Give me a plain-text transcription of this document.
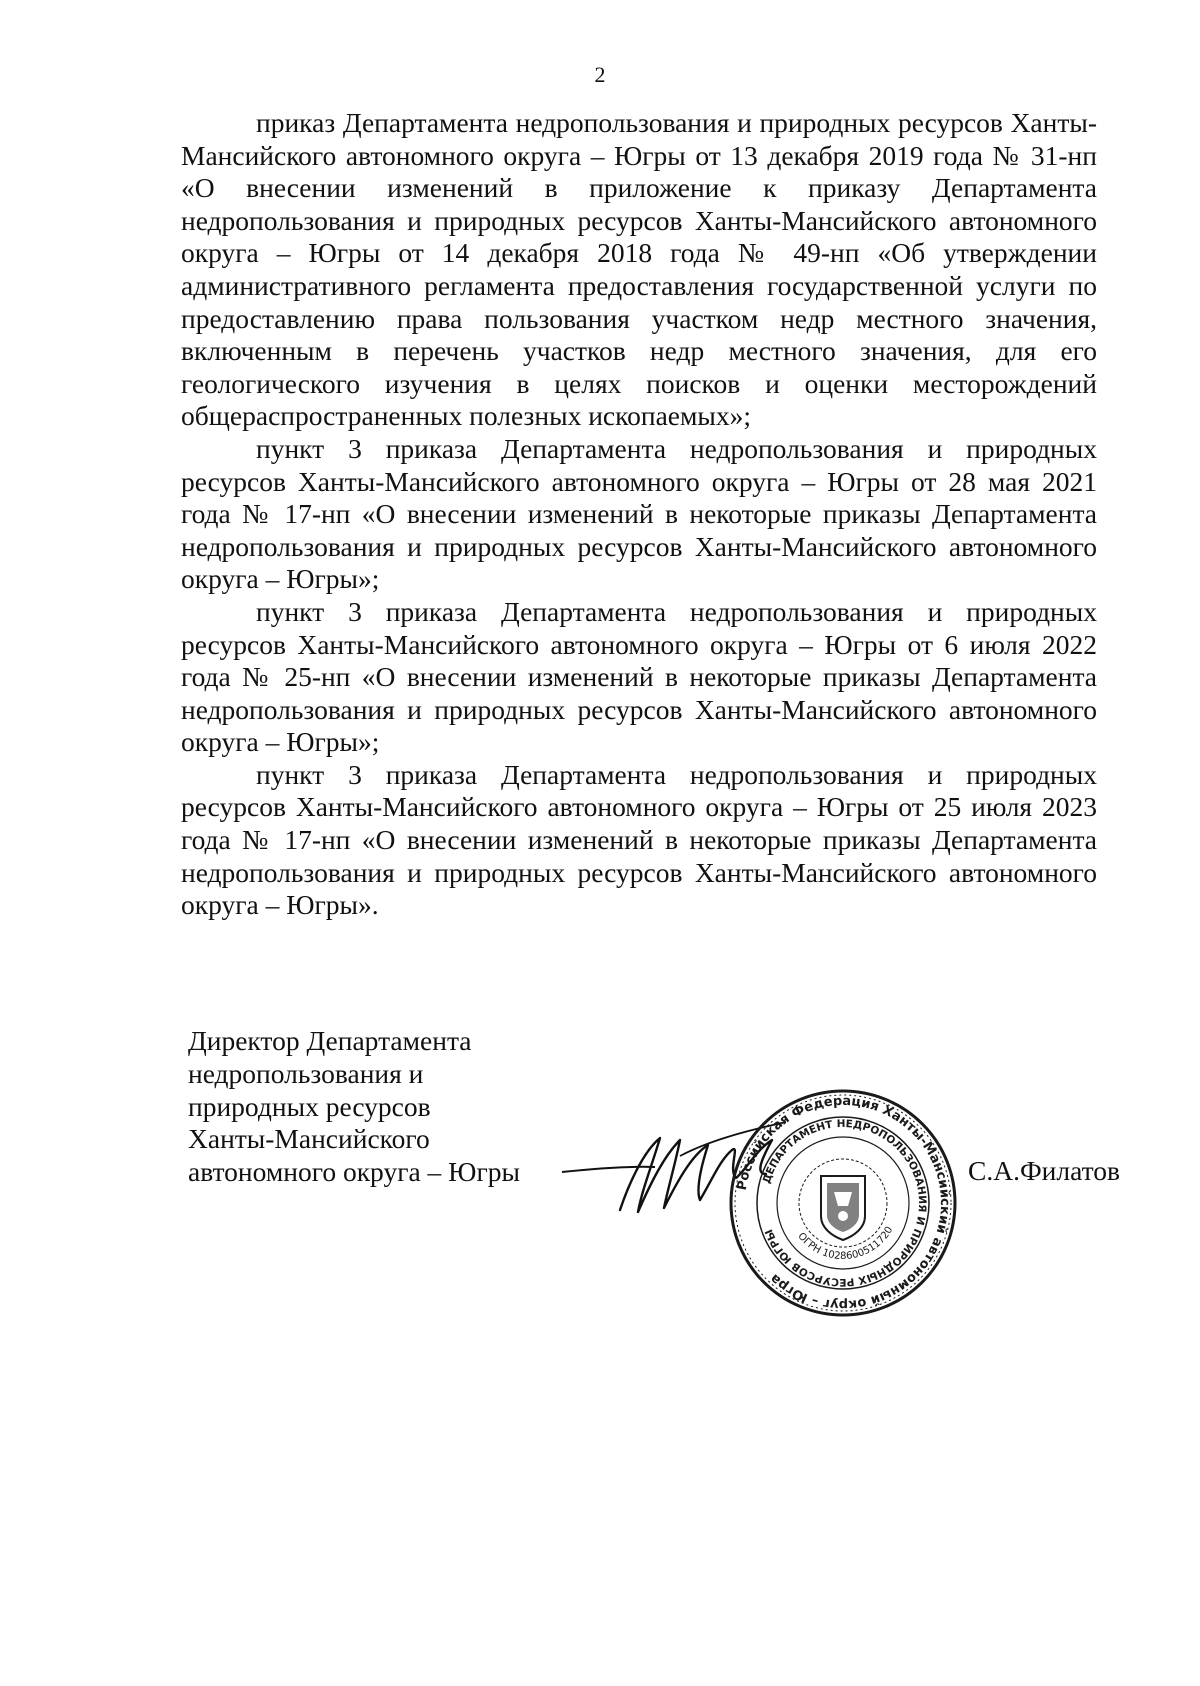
2

приказ Департамента недропользования и природных ресурсов Ханты-Мансийского автономного округа – Югры от 13 декабря 2019 года № 31-нп «О внесении изменений в приложение к приказу Департамента недропользования и природных ресурсов Ханты-Мансийского автономного округа – Югры от 14 декабря 2018 года № 49-нп «Об утверждении административного регламента предоставления государственной услуги по предоставлению права пользования участком недр местного значения, включенным в перечень участков недр местного значения, для его геологического изучения в целях поисков и оценки месторождений общераспространенных полезных ископаемых»;

пункт 3 приказа Департамента недропользования и природных ресурсов Ханты-Мансийского автономного округа – Югры от 28 мая 2021 года № 17-нп «О внесении изменений в некоторые приказы Департамента недропользования и природных ресурсов Ханты-Мансийского автономного округа – Югры»;

пункт 3 приказа Департамента недропользования и природных ресурсов Ханты-Мансийского автономного округа – Югры от 6 июля 2022 года № 25-нп «О внесении изменений в некоторые приказы Департамента недропользования и природных ресурсов Ханты-Мансийского автономного округа – Югры»;

пункт 3 приказа Департамента недропользования и природных ресурсов Ханты-Мансийского автономного округа – Югры от 25 июля 2023 года № 17-нп «О внесении изменений в некоторые приказы Департамента недропользования и природных ресурсов Ханты-Мансийского автономного округа – Югры».

Директор Департамента
недропользования и
природных ресурсов
Ханты-Мансийского
автономного округа – Югры	Российская Федерация Ханты-Мансийский автономный округ – Югра
ДЕПАРТАМЕНТ НЕДРОПОЛЬЗОВАНИЯ И ПРИРОДНЫХ РЕСУРСОВ ЮГРЫ	ОГРН 1028600511720
С.А.Филатов
